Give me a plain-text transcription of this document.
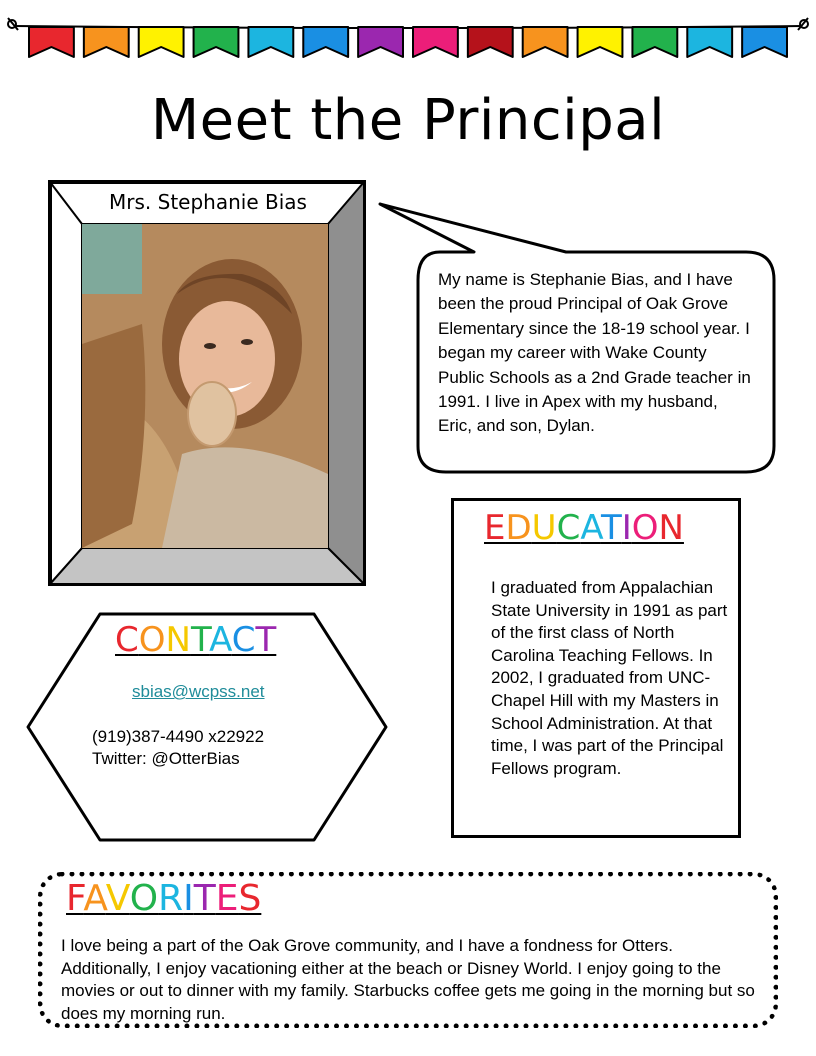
Meet the Principal
Mrs. Stephanie Bias

My name is Stephanie Bias, and I have been the proud Principal of Oak Grove Elementary since the 18-19 school year. I began my career with Wake County Public Schools as a 2nd Grade teacher in 1991. I live in Apex with my husband, Eric, and son, Dylan.

EDUCATION

I graduated from Appalachian State University in 1991 as part of the first class of North Carolina Teaching Fellows. In 2002, I graduated from UNC-Chapel Hill with my Masters in School Administration. At that time, I was part of the Principal Fellows program.

CONTACT
sbias@wcpss.net
(919)387-4490 x22922
Twitter: @OtterBias
FAVORITES

I love being a part of the Oak Grove community, and I have a fondness for Otters. Additionally, I enjoy vacationing either at the beach or Disney World. I enjoy going to the movies or out to dinner with my family. Starbucks coffee gets me going in the morning but so does my morning run.
